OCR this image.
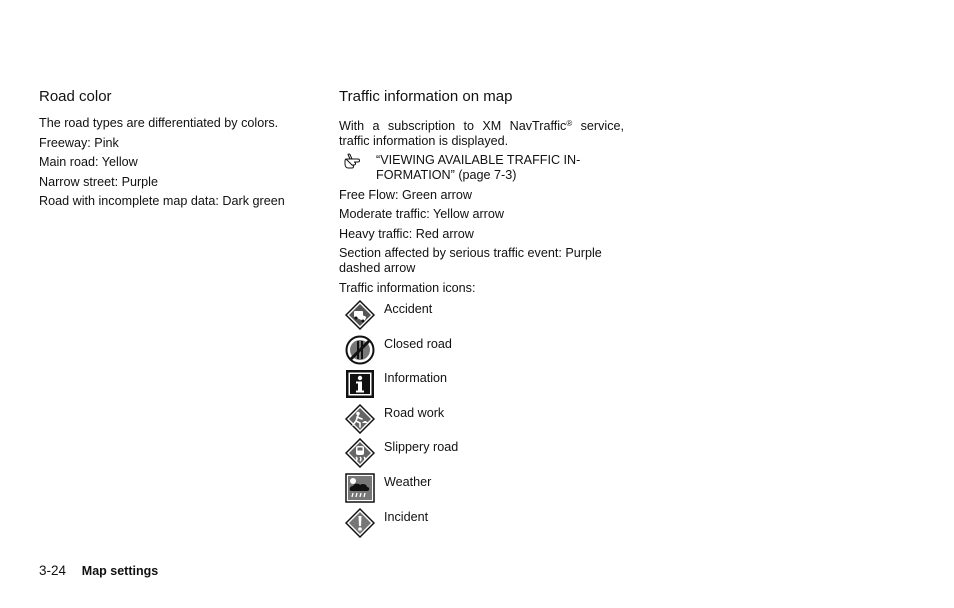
Road color

The road types are differentiated by colors.

Freeway: Pink

Main road: Yellow

Narrow street: Purple

Road with incomplete map data: Dark green

Traffic information on map

With a subscription to XM NavTraffic® service, traffic information is displayed.

“VIEWING AVAILABLE TRAFFIC IN-FORMATION” (page 7-3)

Free Flow: Green arrow

Moderate traffic: Yellow arrow

Heavy traffic: Red arrow

Section affected by serious traffic event: Purple dashed arrow

Traffic information icons:

Accident
Closed road
Information
Road work
Slippery road
Weather
Incident
3-24 Map settings
